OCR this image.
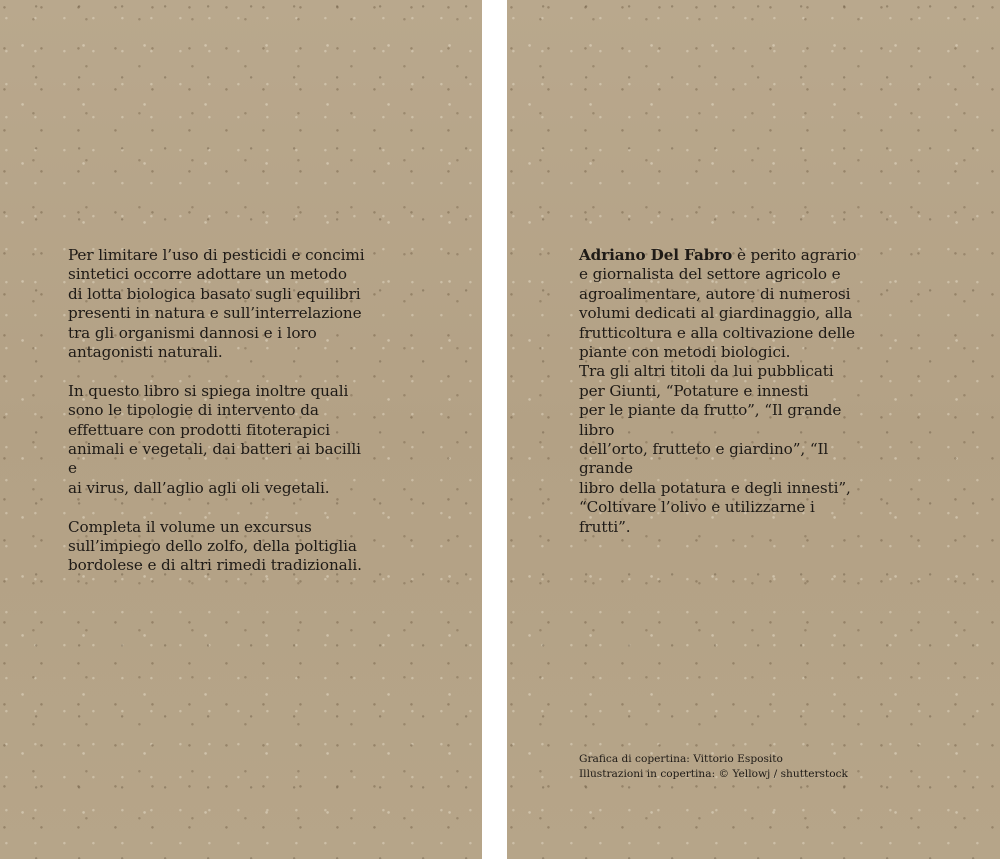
Per limitare l’uso di pesticidi e concimi
sintetici occorre adottare un metodo
di lotta biologica basato sugli equilibri
presenti in natura e sull’interrelazione
tra gli organismi dannosi e i loro
antagonisti naturali.

In questo libro si spiega inoltre quali
sono le tipologie di intervento da
effettuare con prodotti fitoterapici
animali e vegetali, dai batteri ai bacilli e
ai virus, dall’aglio agli oli vegetali.

Completa il volume un excursus
sull’impiego dello zolfo, della poltiglia
bordolese e di altri rimedi tradizionali.

Adriano Del Fabro è perito agrario
e giornalista del settore agricolo e
agroalimentare, autore di numerosi
volumi dedicati al giardinaggio, alla
frutticoltura e alla coltivazione delle
piante con metodi biologici.
Tra gli altri titoli da lui pubblicati
per Giunti, “Potature e innesti
per le piante da frutto”, “Il grande libro
dell’orto, frutteto e giardino”, “Il grande
libro della potatura e degli innesti”,
“Coltivare l’olivo e utilizzarne i frutti”.

Grafica di copertina: Vittorio Esposito
Illustrazioni in copertina: © Yellowj / shutterstock
